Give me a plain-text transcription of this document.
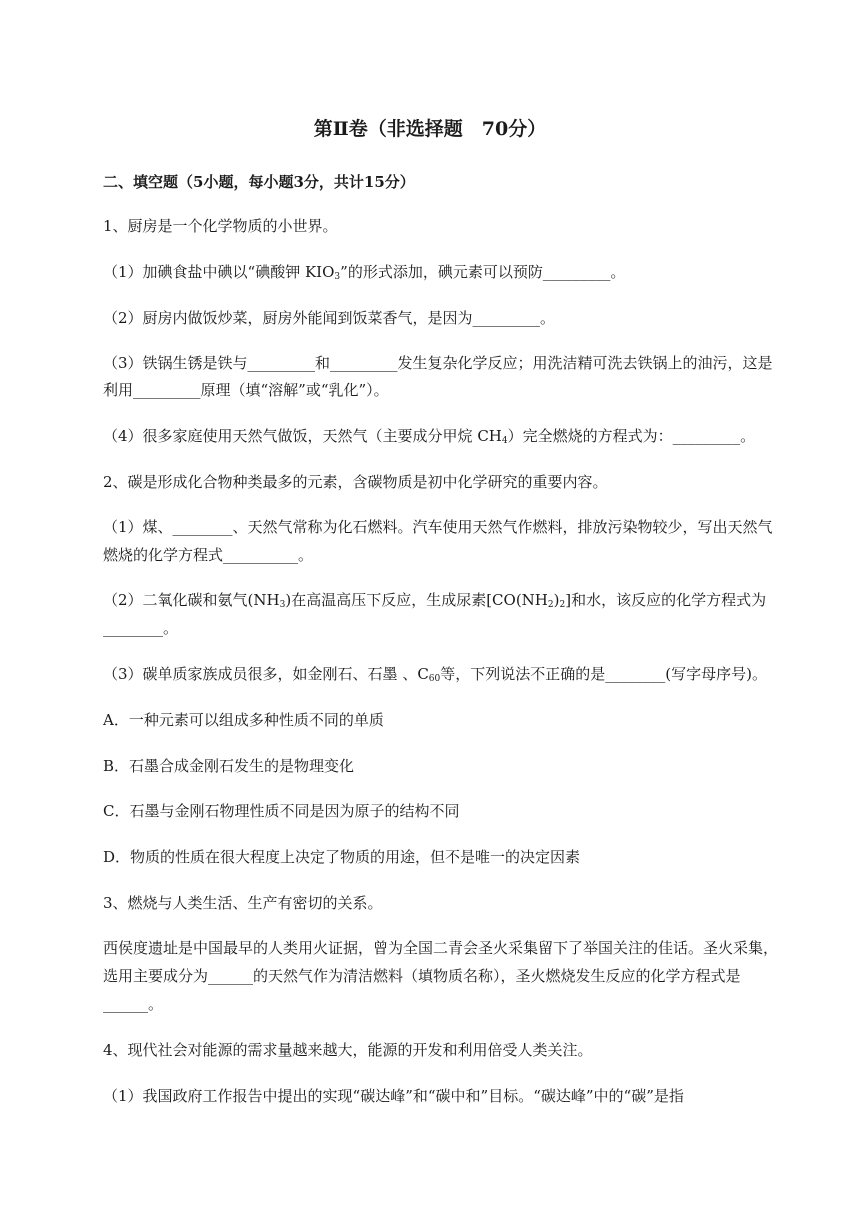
第Ⅱ卷（非选择题　70分）
二、填空题（5小题，每小题3分，共计15分）
1、厨房是一个化学物质的小世界。
（1）加碘食盐中碘以“碘酸钾 $KIO_3$”的形式添加，碘元素可以预防_________。
（2）厨房内做饭炒菜，厨房外能闻到饭菜香气，是因为_________。
（3）铁锅生锈是铁与_________和_________发生复杂化学反应；用洗洁精可洗去铁锅上的油污，这是
利用_________原理（填“溶解”或“乳化”）。
（4）很多家庭使用天然气做饭，天然气（主要成分甲烷 $CH_4$）完全燃烧的方程式为：_________。
2、碳是形成化合物种类最多的元素，含碳物质是初中化学研究的重要内容。
（1）煤、________、天然气常称为化石燃料。汽车使用天然气作燃料，排放污染物较少，写出天然气
燃烧的化学方程式__________。
（2）二氧化碳和氨气$(NH_3)$在高温高压下反应，生成尿素$[CO(NH_2)_2]$和水，该反应的化学方程式为
________。
（3）碳单质家族成员很多，如金刚石、石墨 、$C_{60}$等，下列说法不正确的是________(写字母序号)。
A．一种元素可以组成多种性质不同的单质
B．石墨合成金刚石发生的是物理变化
C．石墨与金刚石物理性质不同是因为原子的结构不同
D．物质的性质在很大程度上决定了物质的用途，但不是唯一的决定因素
3、燃烧与人类生活、生产有密切的关系。
西侯度遗址是中国最早的人类用火证据，曾为全国二青会圣火采集留下了举国关注的佳话。圣火采集，
选用主要成分为______的天然气作为清洁燃料（填物质名称），圣火燃烧发生反应的化学方程式是
______。
4、现代社会对能源的需求量越来越大，能源的开发和利用倍受人类关注。
（1）我国政府工作报告中提出的实现“碳达峰”和“碳中和”目标。“碳达峰”中的“碳”是指
